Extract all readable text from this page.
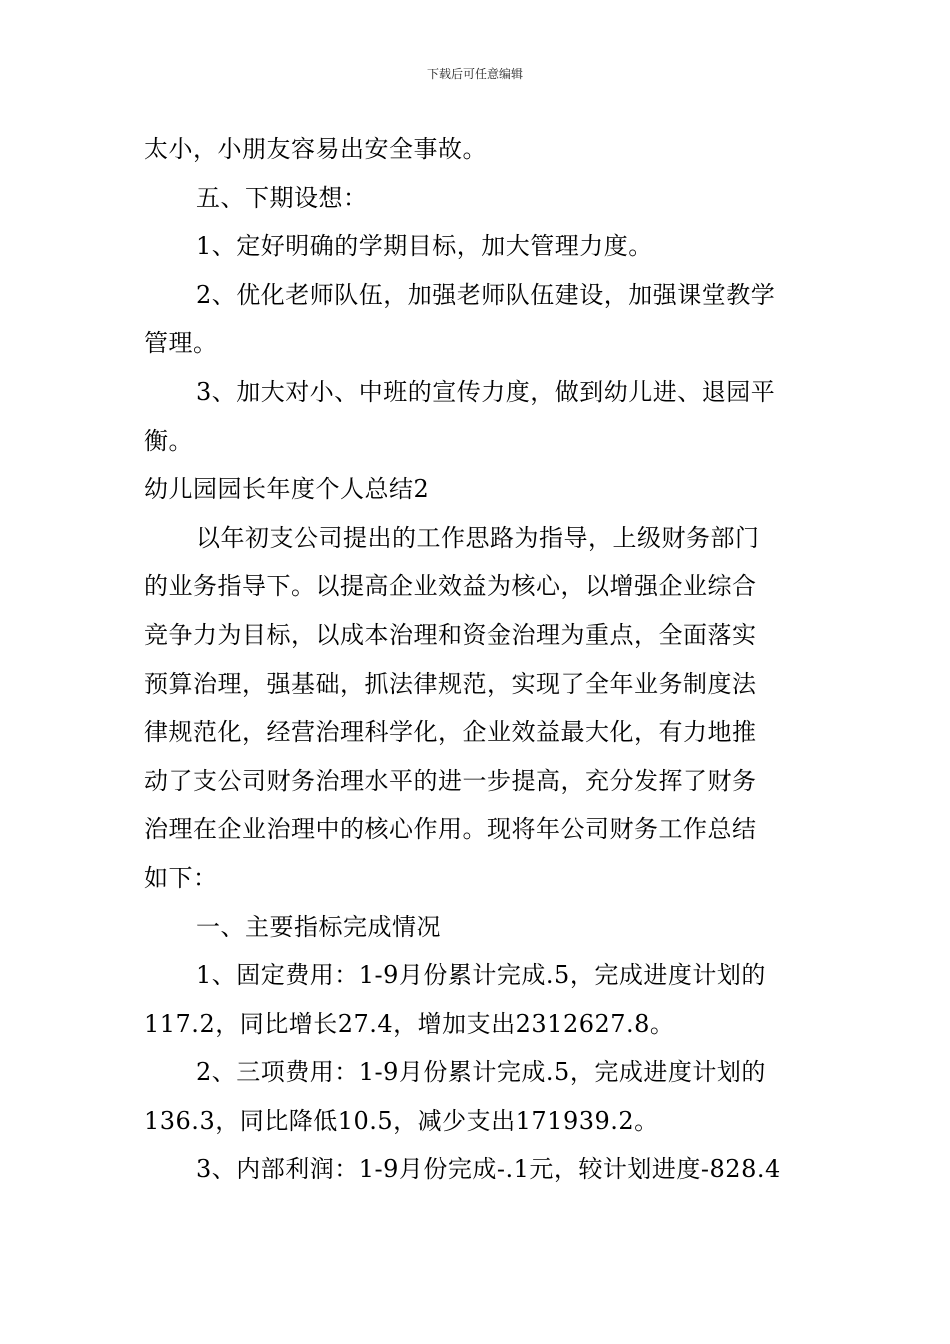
下载后可任意编辑

太小，小朋友容易出安全事故。

五、下期设想：

1、定好明确的学期目标，加大管理力度。

2、优化老师队伍，加强老师队伍建设，加强课堂教学

管理。

3、加大对小、中班的宣传力度，做到幼儿进、退园平

衡。

幼儿园园长年度个人总结2

以年初支公司提出的工作思路为指导，上级财务部门

的业务指导下。以提高企业效益为核心，以增强企业综合

竞争力为目标，以成本治理和资金治理为重点，全面落实

预算治理，强基础，抓法律规范，实现了全年业务制度法

律规范化，经营治理科学化，企业效益最大化，有力地推

动了支公司财务治理水平的进一步提高，充分发挥了财务

治理在企业治理中的核心作用。现将年公司财务工作总结

如下：

一、主要指标完成情况

1、固定费用：1-9月份累计完成.5，完成进度计划的

117.2，同比增长27.4，增加支出2312627.8。

2、三项费用：1-9月份累计完成.5，完成进度计划的

136.3，同比降低10.5，减少支出171939.2。

3、内部利润：1-9月份完成-.1元，较计划进度-828.4
